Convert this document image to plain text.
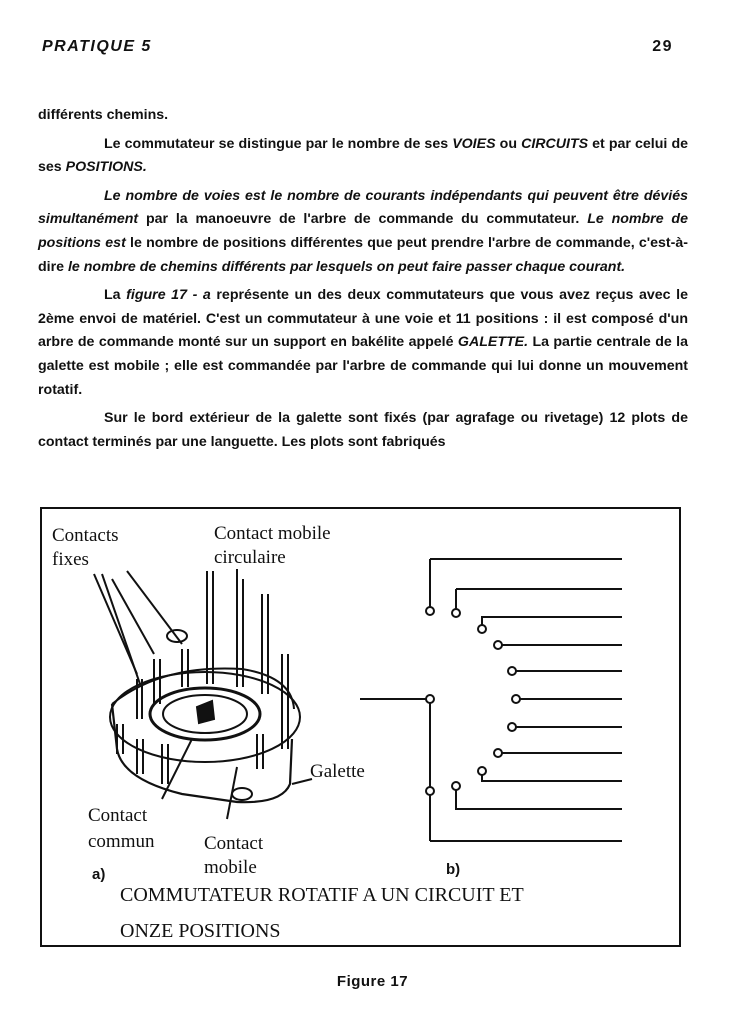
PRATIQUE 5	29

différents chemins.

Le commutateur se distingue par le nombre de ses VOIES ou CIRCUITS et par celui de ses POSITIONS.

Le nombre de voies est le nombre de courants indépendants qui peuvent être déviés simultanément par la manoeuvre de l'arbre de commande du commutateur. Le nombre de positions est le nombre de positions différentes que peut prendre l'arbre de commande, c'est-à-dire le nombre de chemins différents par lesquels on peut faire passer chaque courant.

La figure 17 - a représente un des deux commutateurs que vous avez reçus avec le 2ème envoi de matériel. C'est un commutateur à une voie et 11 positions : il est composé d'un arbre de commande monté sur un support en bakélite appelé GALETTE. La partie centrale de la galette est mobile ; elle est commandée par l'arbre de commande qui lui donne un mouvement rotatif.

Sur le bord extérieur de la galette sont fixés (par agrafage ou rivetage) 12 plots de contact terminés par une languette. Les plots sont fabriqués

Contacts
fixes
Contact mobile
circulaire
Galette
Contact
commun	Contact
mobile
a)	b)
COMMUTATEUR ROTATIF A UN CIRCUIT ET
ONZE POSITIONS
Figure 17
